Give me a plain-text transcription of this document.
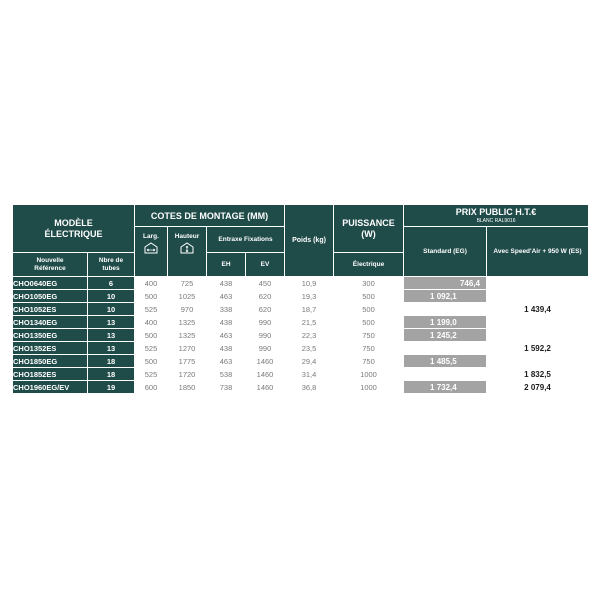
MODÈLE ÉLECTRIQUE		COTES DE MONTAGE (MM)				Poids (kg)	PUISSANCE (W)	PRIX PUBLIC H.T.€
BLANC RAL9016	

		Larg.	Hauteur	Entraxe Fixations				Standard (EG)	Avec Speed'Air + 950 W (ES)
Nouvelle Référence	Nbre de tubes			EH	EV		Électrique		
CHO0640EG	6	400	725	438	450	10,9	300	746,4	
CHO1050EG	10	500	1025	463	620	19,3	500	1 092,1	
CHO1052ES	10	525	970	338	620	18,7	500		1 439,4
CHO1340EG	13	400	1325	438	990	21,5	500	1 199,0	
CHO1350EG	13	500	1325	463	990	22,3	750	1 245,2	
CHO1352ES	13	525	1270	438	990	23,5	750		1 592,2
CHO1850EG	18	500	1775	463	1460	29,4	750	1 485,5	
CHO1852ES	18	525	1720	538	1460	31,4	1000		1 832,5
CHO1960EG/EV	19	600	1850	738	1460	36,8	1000	1 732,4	2 079,4
